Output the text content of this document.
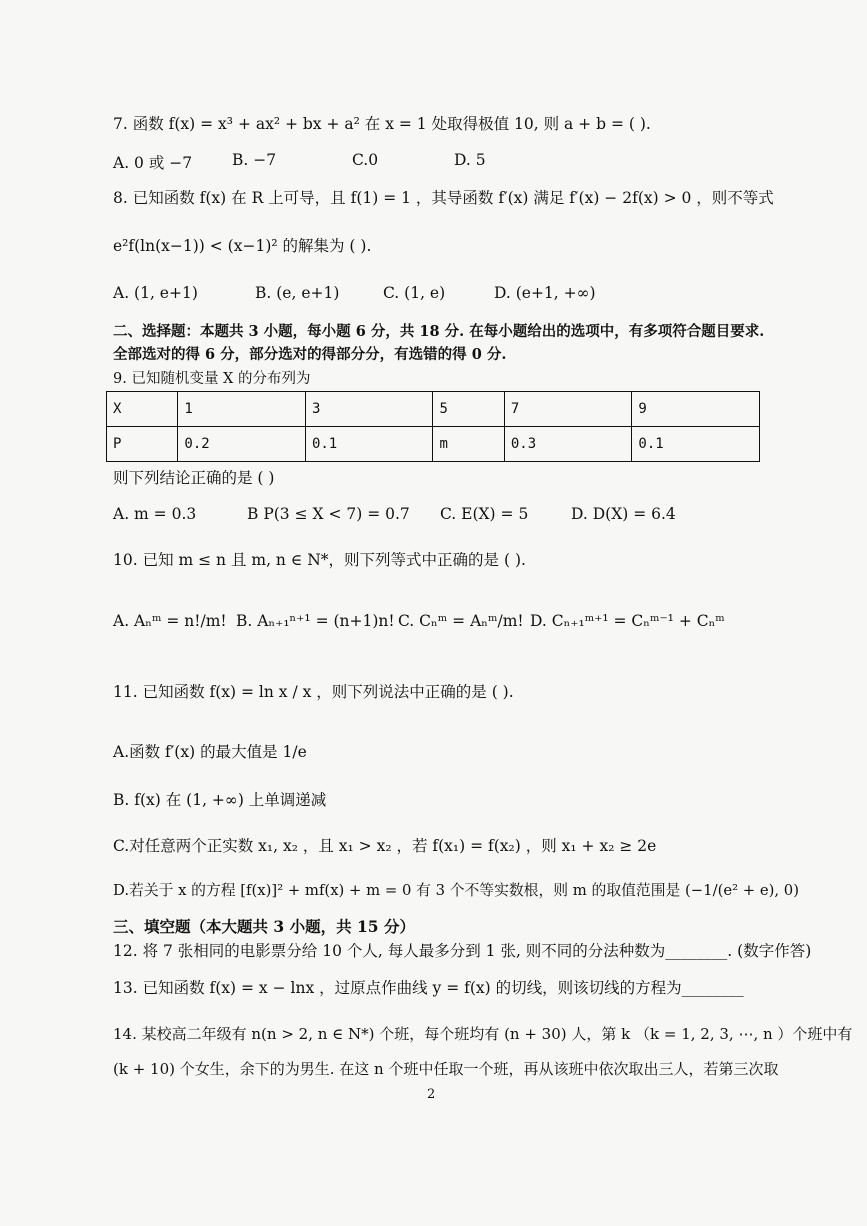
7. 函数 f(x) = x³ + ax² + bx + a² 在 x = 1 处取得极值 10, 则 a + b = ( ).
A. 0 或 −7	B. −7	C.0	D. 5
8. 已知函数 f(x) 在 R 上可导，且 f(1) = 1 ，其导函数 f′(x) 满足 f′(x) − 2f(x) > 0 ，则不等式
e²f(ln(x−1)) < (x−1)² 的解集为 ( ).
A. (1, e+1)	B. (e, e+1)	C. (1, e)	D. (e+1, +∞)
二、选择题：本题共 3 小题，每小题 6 分，共 18 分. 在每小题给出的选项中，有多项符合题目要求.
全部选对的得 6 分，部分选对的得部分分，有选错的得 0 分.
9. 已知随机变量 X 的分布列为
X	1	3	5	7	9
P	0.2	0.1	m	0.3	0.1
则下列结论正确的是 ( )
A. m = 0.3	B P(3 ≤ X < 7) = 0.7 C. E(X) = 5	D. D(X) = 6.4
10. 已知 m ≤ n 且 m, n ∈ N*，则下列等式中正确的是 ( ).
A. Aₙᵐ = n!/m! B. Aₙ₊₁ⁿ⁺¹ = (n+1)n! C. Cₙᵐ = Aₙᵐ/m! D. Cₙ₊₁ᵐ⁺¹ = Cₙᵐ⁻¹ + Cₙᵐ
11. 已知函数 f(x) = ln x / x ，则下列说法中正确的是 ( ).
A.函数 f′(x) 的最大值是 1/e
B. f(x) 在 (1, +∞) 上单调递减
C.对任意两个正实数 x₁, x₂ ，且 x₁ > x₂ ，若 f(x₁) = f(x₂) ，则 x₁ + x₂ ≥ 2e
D.若关于 x 的方程 [f(x)]² + mf(x) + m = 0 有 3 个不等实数根，则 m 的取值范围是 (−1/(e² + e), 0)
三、填空题（本大题共 3 小题，共 15 分）
12. 将 7 张相同的电影票分给 10 个人, 每人最多分到 1 张, 则不同的分法种数为________. (数字作答)
13. 已知函数 f(x) = x − lnx ，过原点作曲线 y = f(x) 的切线，则该切线的方程为________
14. 某校高二年级有 n(n > 2, n ∈ N*) 个班，每个班均有 (n + 30) 人，第 k （k = 1, 2, 3, ⋯, n ）个班中有
(k + 10) 个女生，余下的为男生. 在这 n 个班中任取一个班，再从该班中依次取出三人，若第三次取
2
